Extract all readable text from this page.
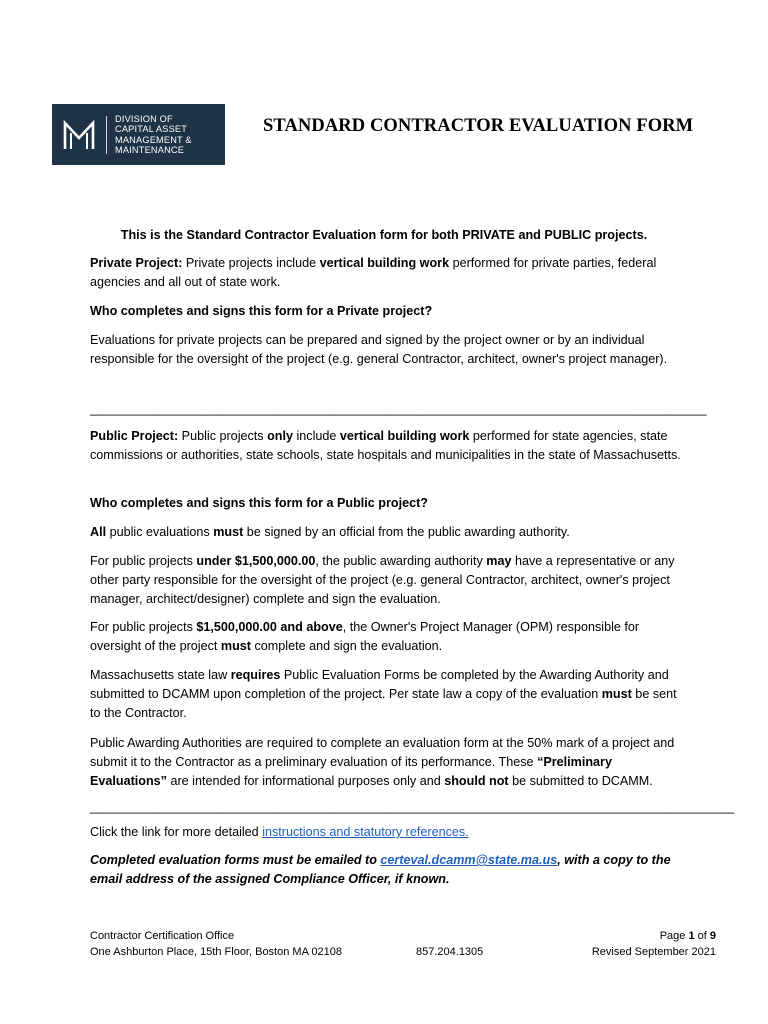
DIVISION OF
CAPITAL ASSET
MANAGEMENT &
MAINTENANCE
STANDARD CONTRACTOR EVALUATION FORM
This is the Standard Contractor Evaluation form for both PRIVATE and PUBLIC projects.
Private Project: Private projects include vertical building work performed for private parties, federal agencies and all out of state work.
Who completes and signs this form for a Private project?
Evaluations for private projects can be prepared and signed by the project owner or by an individual responsible for the oversight of the project (e.g. general Contractor, architect, owner's project manager).
________________________________________________________________________________________
Public Project: Public projects only include vertical building work performed for state agencies, state commissions or authorities, state schools, state hospitals and municipalities in the state of Massachusetts.
Who completes and signs this form for a Public project?
All public evaluations must be signed by an official from the public awarding authority.
For public projects under $1,500,000.00, the public awarding authority may have a representative or any other party responsible for the oversight of the project (e.g. general Contractor, architect, owner's project manager, architect/designer) complete and sign the evaluation.
For public projects $1,500,000.00 and above, the Owner's Project Manager (OPM) responsible for oversight of the project must complete and sign the evaluation.
Massachusetts state law requires Public Evaluation Forms be completed by the Awarding Authority and submitted to DCAMM upon completion of the project. Per state law a copy of the evaluation must be sent to the Contractor.
Public Awarding Authorities are required to complete an evaluation form at the 50% mark of a project and submit it to the Contractor as a preliminary evaluation of its performance. These “Preliminary Evaluations” are intended for informational purposes only and should not be submitted to DCAMM.
____________________________________________________________________________________________
Click the link for more detailed instructions and statutory references.
Completed evaluation forms must be emailed to certeval.dcamm@state.ma.us, with a copy to the email address of the assigned Compliance Officer, if known.
Contractor Certification Office
One Ashburton Place, 15th Floor, Boston MA 02108	857.204.1305
Page 1 of 9
Revised September 2021
